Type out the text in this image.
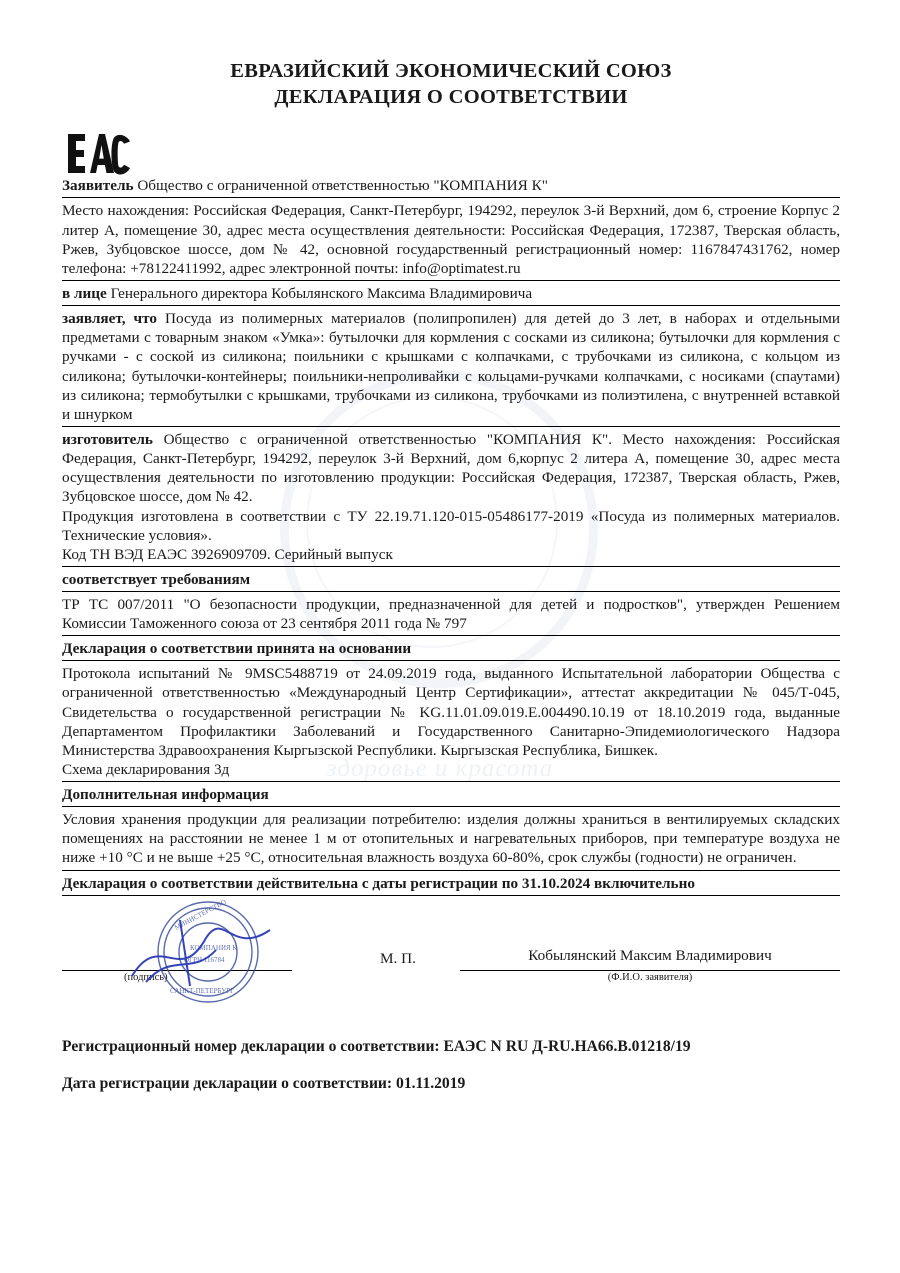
здоровье и красота
ЕВРАЗИЙСКИЙ ЭКОНОМИЧЕСКИЙ СОЮЗ
ДЕКЛАРАЦИЯ О СООТВЕТСТВИИ
Заявитель Общество с ограниченной ответственностью "КОМПАНИЯ К"

Место нахождения: Российская Федерация, Санкт-Петербург, 194292, переулок 3-й Верхний, дом 6, строение Корпус 2 литер А, помещение 30, адрес места осуществления деятельности: Российская Федерация, 172387, Тверская область, Ржев, Зубцовское шоссе, дом № 42, основной государственный регистрационный номер: 1167847431762, номер телефона: +78122411992, адрес электронной почты: info@optimatest.ru

в лице Генерального директора Кобылянского Максима Владимировича

заявляет, что Посуда из полимерных материалов (полипропилен) для детей до 3 лет, в наборах и отдельными предметами с товарным знаком «Умка»: бутылочки для кормления с сосками из силикона; бутылочки для кормления с ручками - с соской из силикона; поильники с крышками с колпачками, с трубочками из силикона, с кольцом из силикона; бутылочки-контейнеры; поильники-непроливайки с кольцами-ручками колпачками, с носиками (спаутами) из силикона; термобутылки с крышками, трубочками из силикона, трубочками из полиэтилена, с внутренней вставкой и шнурком

изготовитель Общество с ограниченной ответственностью "КОМПАНИЯ К". Место нахождения: Российская Федерация, Санкт-Петербург, 194292, переулок 3-й Верхний, дом 6,корпус 2 литера А, помещение 30, адрес места осуществления деятельности по изготовлению продукции: Российская Федерация, 172387, Тверская область, Ржев, Зубцовское шоссе, дом № 42.

Продукция изготовлена в соответствии с ТУ 22.19.71.120-015-05486177-2019 «Посуда из полимерных материалов. Технические условия».

Код ТН ВЭД ЕАЭС 3926909709. Серийный выпуск

соответствует требованиям

ТР ТС 007/2011 "О безопасности продукции, предназначенной для детей и подростков", утвержден Решением Комиссии Таможенного союза от 23 сентября 2011 года № 797

Декларация о соответствии принята на основании

Протокола испытаний № 9MSC5488719 от 24.09.2019 года, выданного Испытательной лаборатории Общества с ограниченной ответственностью «Международный Центр Сертификации», аттестат аккредитации № 045/Т-045, Свидетельства о государственной регистрации № KG.11.01.09.019.Е.004490.10.19 от 18.10.2019 года, выданные Департаментом Профилактики Заболеваний и Государственного Санитарно-Эпидемиологического Надзора Министерства Здравоохранения Кыргызской Республики. Кыргызская Республика, Бишкек.

Схема декларирования 3д

Дополнительная информация

Условия хранения продукции для реализации потребителю: изделия должны храниться в вентилируемых складских помещениях на расстоянии не менее 1 м от отопительных и нагревательных приборов, при температуре воздуха не ниже +10 °С и не выше +25 °С, относительная влажность воздуха 60-80%, срок службы (годности) не ограничен.

Декларация о соответствии действительна с даты регистрации по 31.10.2024 включительно
МИНИСТЕРСТВО
КОМПАНИЯ К
ОГРН 116784
САНКТ-ПЕТЕРБУРГ
(подпись)
М. П.	Кобылянский Максим Владимирович
(Ф.И.О. заявителя)
Регистрационный номер декларации о соответствии: ЕАЭС N RU Д-RU.НА66.В.01218/19
Дата регистрации декларации о соответствии: 01.11.2019
